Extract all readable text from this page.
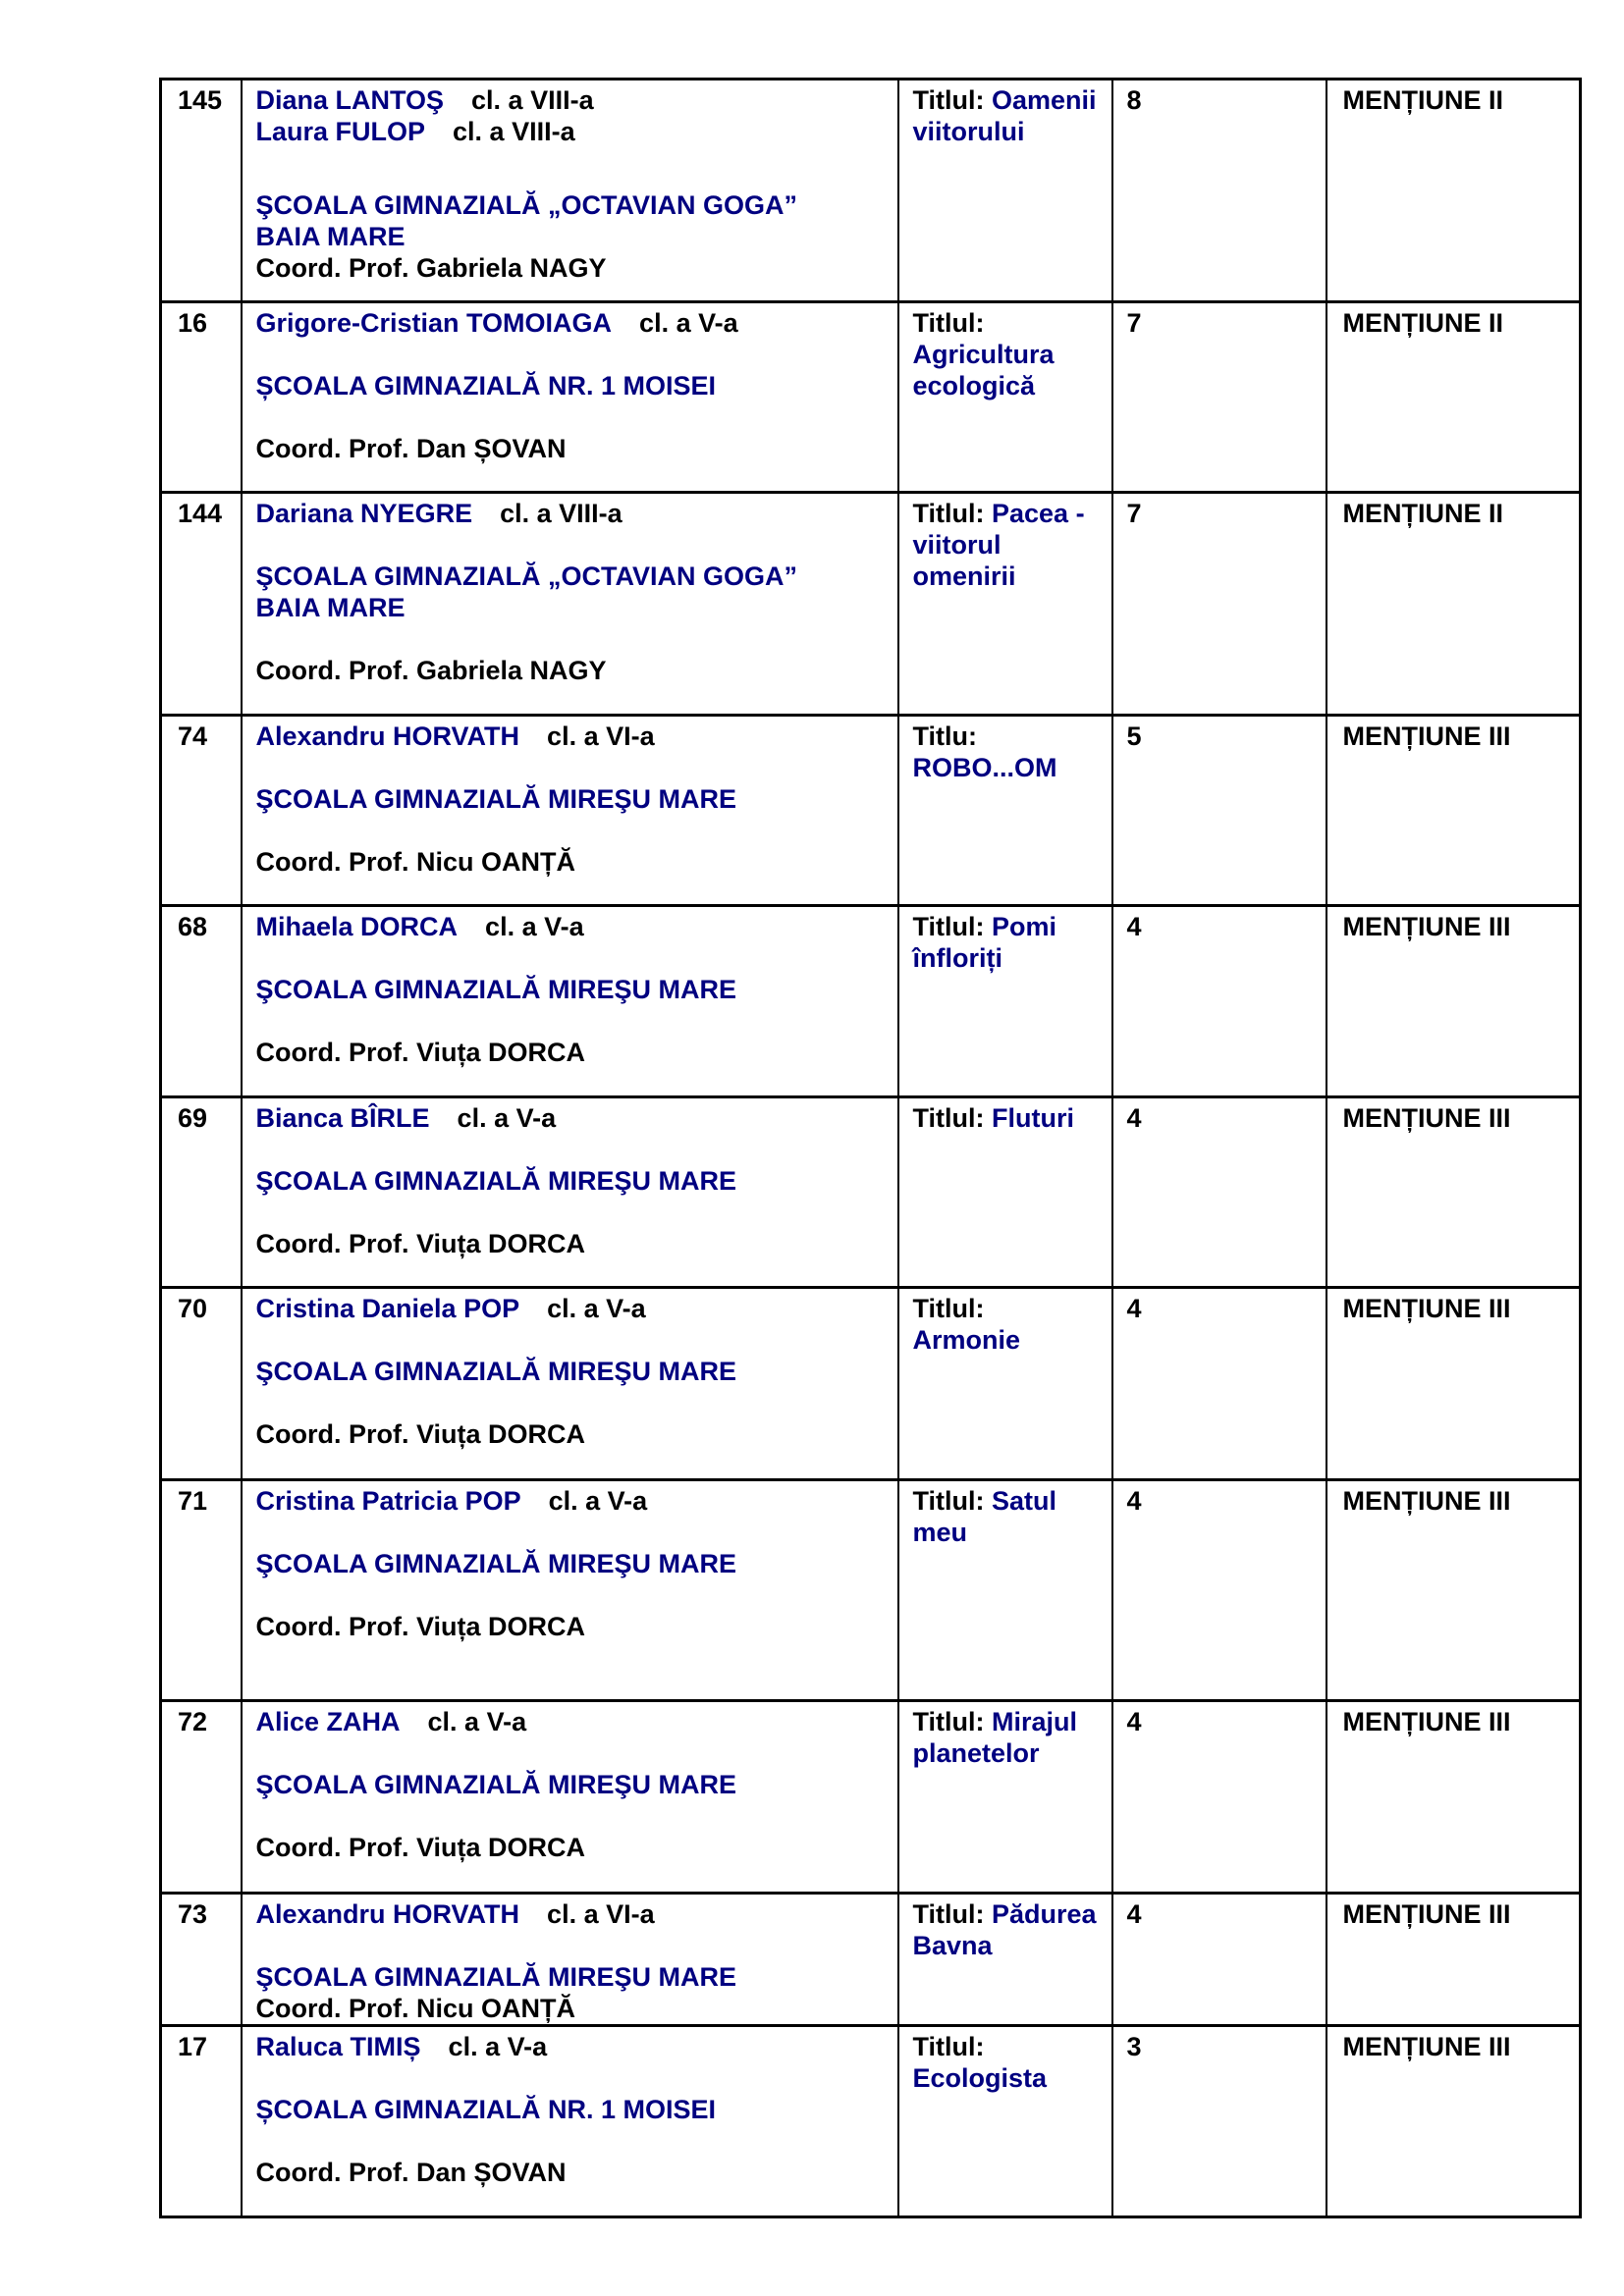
145	Diana LANTOŞ cl. a VIII-a
Laura FULOP cl. a VIII-a
ŞCOALA GIMNAZIALĂ „OCTAVIAN GOGA”
BAIA MARE
Coord. Prof. Gabriela NAGY	Titlul: Oamenii viitorului	8	MENȚIUNE II
16	Grigore-Cristian TOMOIAGA cl. a V-a
ȘCOALA GIMNAZIALĂ NR. 1 MOISEI
Coord. Prof. Dan ȘOVAN	Titlul: Agricultura ecologică	7	MENȚIUNE II
144	Dariana NYEGRE cl. a VIII-a
ŞCOALA GIMNAZIALĂ „OCTAVIAN GOGA”
BAIA MARE
Coord. Prof. Gabriela NAGY	Titlul: Pacea - viitorul omenirii	7	MENȚIUNE II
74	Alexandru HORVATH cl. a VI-a
ŞCOALA GIMNAZIALĂ MIREŞU MARE
Coord. Prof. Nicu OANȚĂ	Titlu: ROBO...OM	5	MENȚIUNE III
68	Mihaela DORCA cl. a V-a
ŞCOALA GIMNAZIALĂ MIREŞU MARE
Coord. Prof. Viuța DORCA	Titlul: Pomi înfloriți	4	MENȚIUNE III
69	Bianca BÎRLE cl. a V-a
ŞCOALA GIMNAZIALĂ MIREŞU MARE
Coord. Prof. Viuța DORCA	Titlul: Fluturi	4	MENȚIUNE III
70	Cristina Daniela POP cl. a V-a
ŞCOALA GIMNAZIALĂ MIREŞU MARE
Coord. Prof. Viuța DORCA	Titlul: Armonie	4	MENȚIUNE III
71	Cristina Patricia POP cl. a V-a
ŞCOALA GIMNAZIALĂ MIREŞU MARE
Coord. Prof. Viuța DORCA	Titlul: Satul meu	4	MENȚIUNE III
72	Alice ZAHA cl. a V-a
ŞCOALA GIMNAZIALĂ MIREŞU MARE
Coord. Prof. Viuța DORCA	Titlul: Mirajul planetelor	4	MENȚIUNE III
73	Alexandru HORVATH cl. a VI-a
ŞCOALA GIMNAZIALĂ MIREŞU MARE
Coord. Prof. Nicu OANȚĂ	Titlul: Pădurea Bavna	4	MENȚIUNE III
17	Raluca TIMIȘ cl. a V-a
ȘCOALA GIMNAZIALĂ NR. 1 MOISEI
Coord. Prof. Dan ȘOVAN	Titlul: Ecologista	3	MENȚIUNE III
